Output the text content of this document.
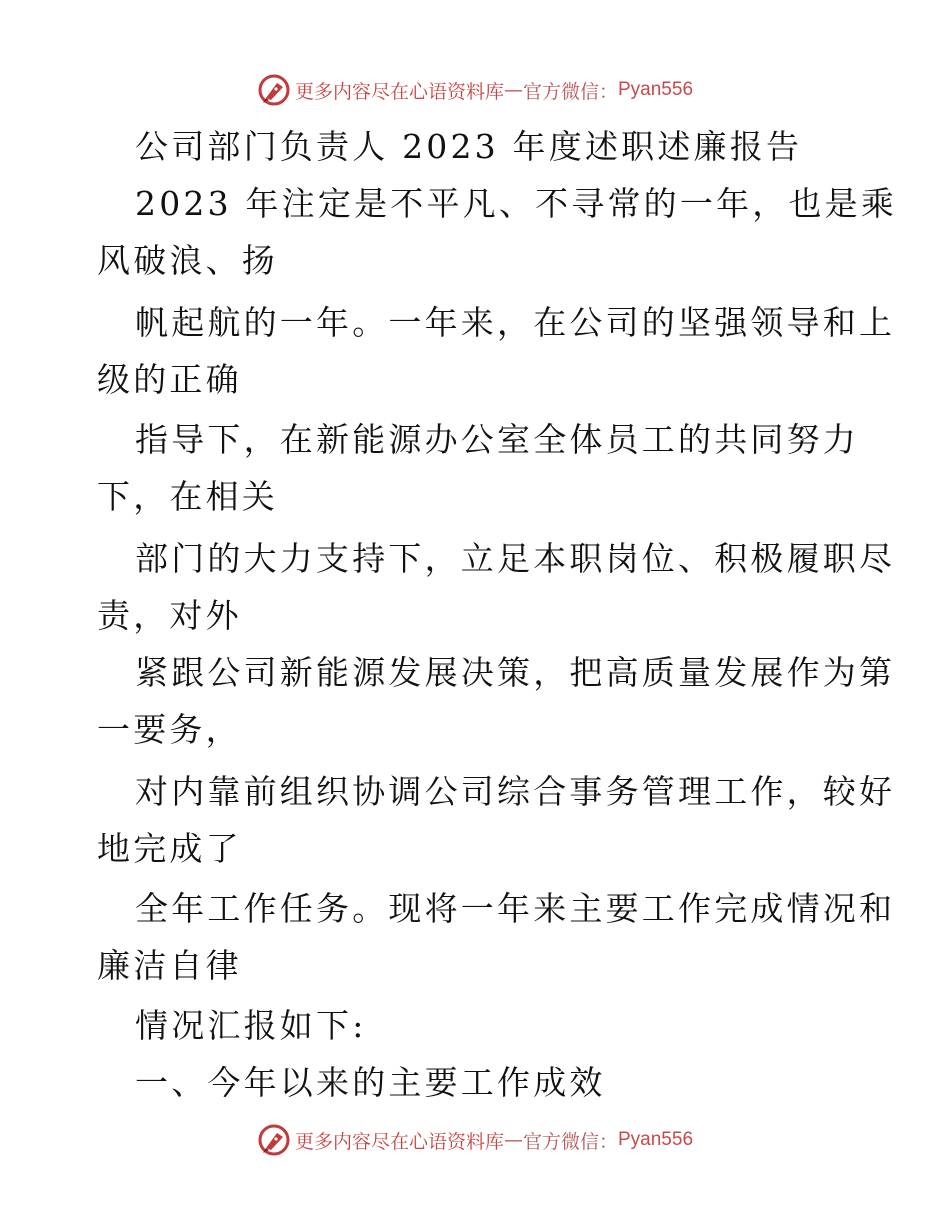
更多内容尽在心语资料库 — 官方微信： Pyan556
公司部门负责人 2023 年度述职述廉报告
2023 年注定是不平凡、不寻常的一年，也是乘
风破浪、扬
帆起航的一年。一年来，在公司的坚强领导和上
级的正确
指导下，在新能源办公室全体员工的共同努力
下，在相关
部门的大力支持下，立足本职岗位、积极履职尽
责，对外
紧跟公司新能源发展决策，把高质量发展作为第
一要务，
对内靠前组织协调公司综合事务管理工作，较好
地完成了
全年工作任务。现将一年来主要工作完成情况和
廉洁自律
情况汇报如下:
一、今年以来的主要工作成效
更多内容尽在心语资料库 — 官方微信： Pyan556
